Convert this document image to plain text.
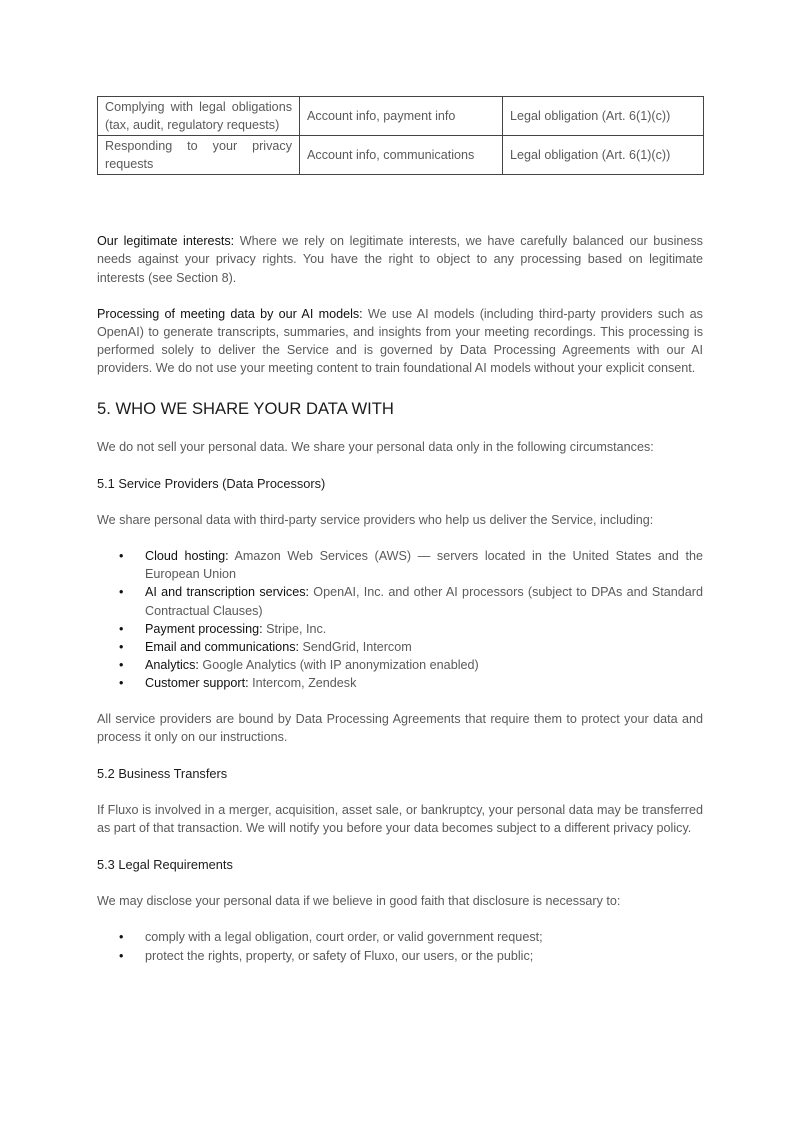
Complying with legal obligations (tax, audit, regulatory requests)	Account info, payment info	Legal obligation (Art. 6(1)(c))
Responding to your privacy requests	Account info, communications	Legal obligation (Art. 6(1)(c))

Our legitimate interests: Where we rely on legitimate interests, we have carefully balanced our business needs against your privacy rights. You have the right to object to any processing based on legitimate interests (see Section 8).

Processing of meeting data by our AI models: We use AI models (including third-party providers such as OpenAI) to generate transcripts, summaries, and insights from your meeting recordings. This processing is performed solely to deliver the Service and is governed by Data Processing Agreements with our AI providers. We do not use your meeting content to train foundational AI models without your explicit consent.

5. WHO WE SHARE YOUR DATA WITH

We do not sell your personal data. We share your personal data only in the following circumstances:

5.1 Service Providers (Data Processors)

We share personal data with third-party service providers who help us deliver the Service, including:

• Cloud hosting: Amazon Web Services (AWS) — servers located in the United States and the European Union
• AI and transcription services: OpenAI, Inc. and other AI processors (subject to DPAs and Standard Contractual Clauses)
• Payment processing: Stripe, Inc.
• Email and communications: SendGrid, Intercom
• Analytics: Google Analytics (with IP anonymization enabled)
• Customer support: Intercom, Zendesk

All service providers are bound by Data Processing Agreements that require them to protect your data and process it only on our instructions.

5.2 Business Transfers

If Fluxo is involved in a merger, acquisition, asset sale, or bankruptcy, your personal data may be transferred as part of that transaction. We will notify you before your data becomes subject to a different privacy policy.

5.3 Legal Requirements

We may disclose your personal data if we believe in good faith that disclosure is necessary to:

• comply with a legal obligation, court order, or valid government request;
• protect the rights, property, or safety of Fluxo, our users, or the public;
